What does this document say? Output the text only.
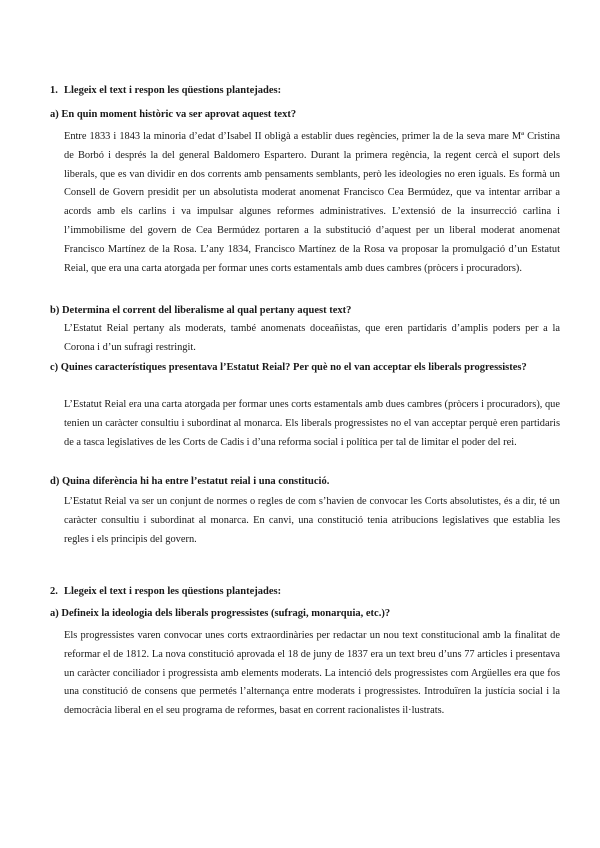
1. Llegeix el text i respon les qüestions plantejades:

a) En quin moment històric va ser aprovat aquest text?

Entre 1833 i 1843 la minoria d’edat d’Isabel II obligà a establir dues regències, primer la de la seva mare Mª Cristina de Borbó i després la del general Baldomero Espartero. Durant la primera regència, la regent cercà el suport dels liberals, que es van dividir en dos corrents amb pensaments semblants, però les ideologies no eren iguals. Es formà un Consell de Govern presidit per un absolutista moderat anomenat Francisco Cea Bermúdez, que va intentar arribar a acords amb els carlins i va impulsar algunes reformes administratives. L’extensió de la insurrecció carlina i l’immobilisme del govern de Cea Bermúdez portaren a la substitució d’aquest per un liberal moderat anomenat Francisco Martínez de la Rosa. L’any 1834, Francisco Martínez de la Rosa va proposar la promulgació d’un Estatut Reial, que era una carta atorgada per formar unes corts estamentals amb dues cambres (pròcers i procuradors).

b) Determina el corrent del liberalisme al qual pertany aquest text?

L’Estatut Reial pertany als moderats, també anomenats doceañistas, que eren partidaris d’amplis poders per a la Corona i d’un sufragi restringit.

c) Quines característiques presentava l’Estatut Reial? Per què no el van acceptar els liberals progressistes?

L’Estatut Reial era una carta atorgada per formar unes corts estamentals amb dues cambres (pròcers i procuradors), que tenien un caràcter consultiu i subordinat al monarca. Els liberals progressistes no el van acceptar perquè eren partidaris de a tasca legislatives de les Corts de Cadis i d’una reforma social i política per tal de limitar el poder del rei.

d) Quina diferència hi ha entre l’estatut reial i una constitució.

L’Estatut Reial va ser un conjunt de normes o regles de com s’havien de convocar les Corts absolutistes, és a dir, té un caràcter consultiu i subordinat al monarca. En canvi, una constitució tenia atribucions legislatives que establia les regles i els principis del govern.

2. Llegeix el text i respon les qüestions plantejades:

a) Defineix la ideologia dels liberals progressistes (sufragi, monarquia, etc.)?

Els progressistes varen convocar unes corts extraordinàries per redactar un nou text constitucional amb la finalitat de reformar el de 1812. La nova constitució aprovada el 18 de juny de 1837 era un text breu d’uns 77 articles i presentava un caràcter conciliador i progressista amb elements moderats. La intenció dels progressistes com Argüelles era que fos una constitució de consens que permetés l’alternança entre moderats i progressistes. Introduïren la justícia social i la democràcia liberal en el seu programa de reformes, basat en corrent racionalistes il·lustrats.
